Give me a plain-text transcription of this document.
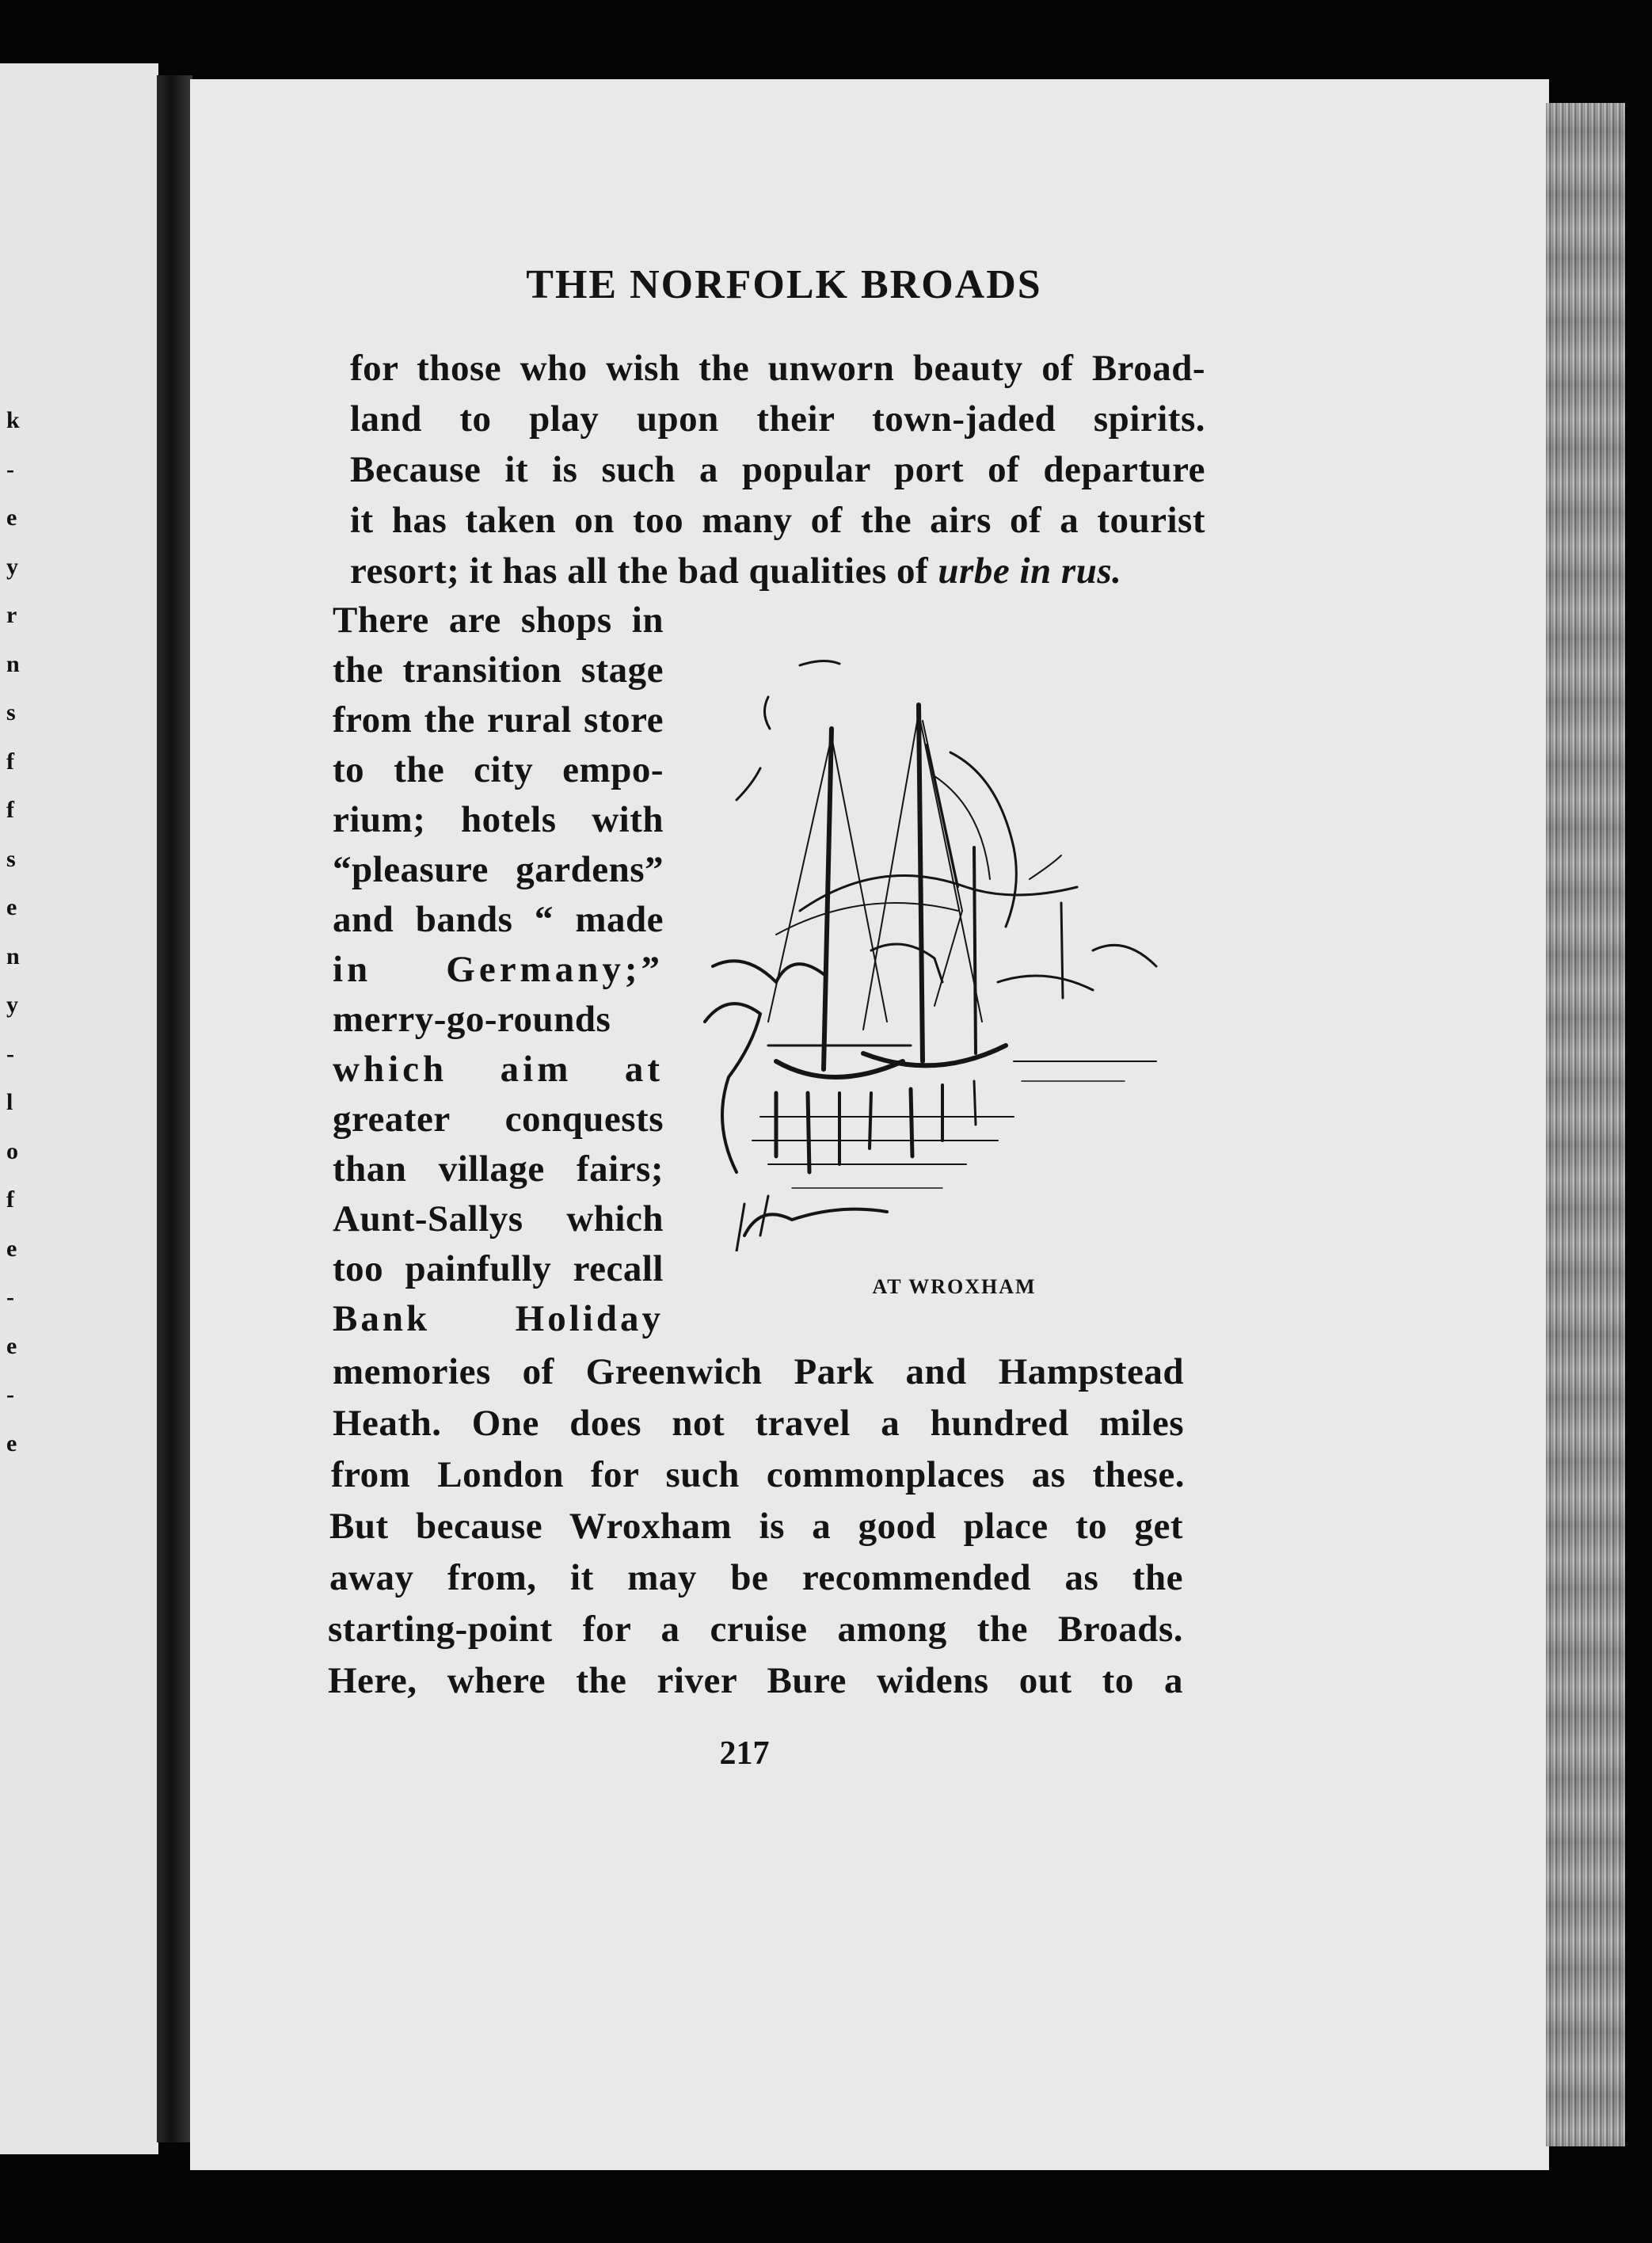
k
-
e
y
r
n
s
f
f
s
e
n
y
-
l
o
f
e
-
e
-
e
THE NORFOLK BROADS
for those who wish the unworn beauty of Broad-
land to play upon their town-jaded spirits.
Because it is such a popular port of departure
it has taken on too many of the airs of a tourist
resort; it has all the bad qualities of urbe in rus.
There are shops in
the transition stage
from the rural store
to the city empo-
rium; hotels with
“pleasure gardens”
and bands “ made
in Germany;”
merry-go-rounds
which aim at
greater conquests
than village fairs;
Aunt-Sallys which
too painfully recall
Bank Holiday
AT WROXHAM
memories of Greenwich Park and Hampstead
Heath. One does not travel a hundred miles
from London for such commonplaces as these.
But because Wroxham is a good place to get
away from, it may be recommended as the
starting-point for a cruise among the Broads.
Here, where the river Bure widens out to a
217
